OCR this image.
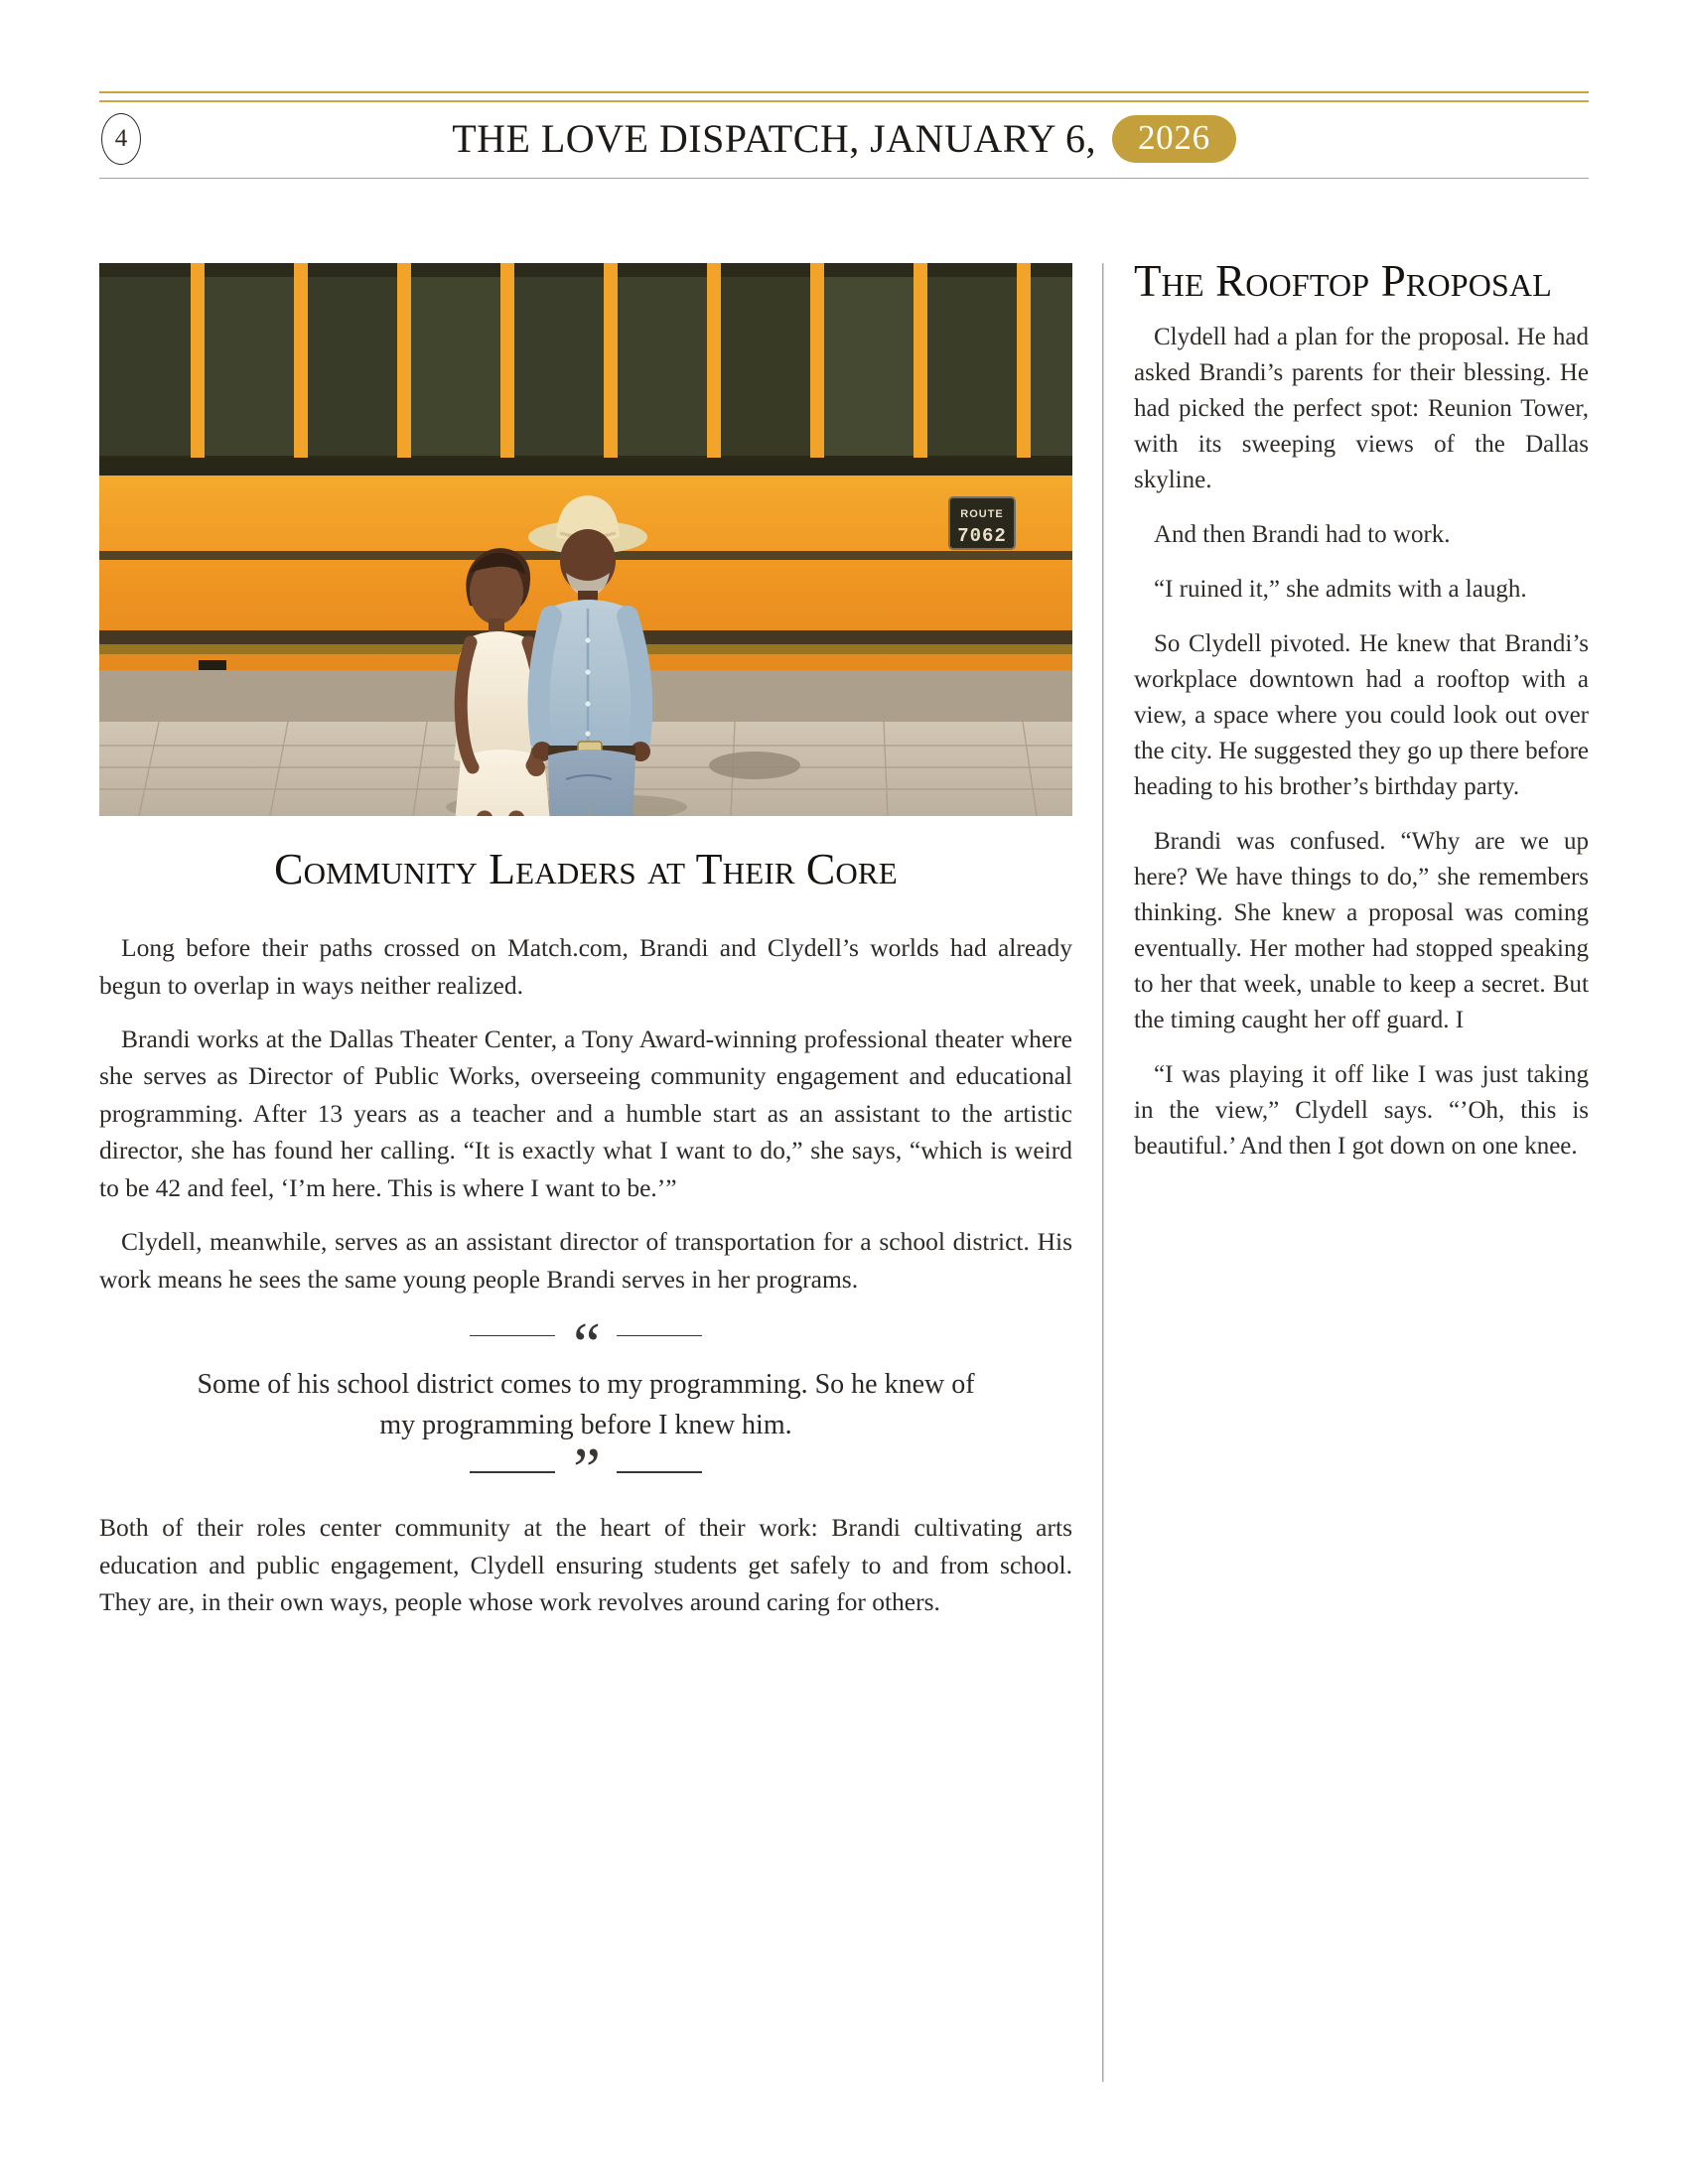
4	THE LOVE DISPATCH, JANUARY 6, 2026
ROUTE
7062
Community Leaders at Their Core

Long before their paths crossed on Match.com, Brandi and Clydell’s worlds had already begun to overlap in ways neither realized.

Brandi works at the Dallas Theater Center, a Tony Award-winning professional theater where she serves as Director of Public Works, overseeing community engagement and educational programming. After 13 years as a teacher and a humble start as an assistant to the artistic director, she has found her calling. “It is exactly what I want to do,” she says, “which is weird to be 42 and feel, ‘I’m here. This is where I want to be.’”

Clydell, meanwhile, serves as an assistant director of transportation for a school district. His work means he sees the same young people Brandi serves in her programs.

“
Some of his school district comes to my programming. So he knew of my programming before I knew him.
”

Both of their roles center community at the heart of their work: Brandi cultivating arts education and public engagement, Clydell ensuring students get safely to and from school. They are, in their own ways, people whose work revolves around caring for others.

The Rooftop Proposal

Clydell had a plan for the proposal. He had asked Brandi’s parents for their blessing. He had picked the perfect spot: Reunion Tower, with its sweeping views of the Dallas skyline.

And then Brandi had to work.

“I ruined it,” she admits with a laugh.

So Clydell pivoted. He knew that Brandi’s workplace downtown had a rooftop with a view, a space where you could look out over the city. He suggested they go up there before heading to his brother’s birthday party.

Brandi was confused. “Why are we up here? We have things to do,” she remembers thinking. She knew a proposal was coming eventually. Her mother had stopped speaking to her that week, unable to keep a secret. But the timing caught her off guard. I

“I was playing it off like I was just taking in the view,” Clydell says. “’Oh, this is beautiful.’ And then I got down on one knee.
